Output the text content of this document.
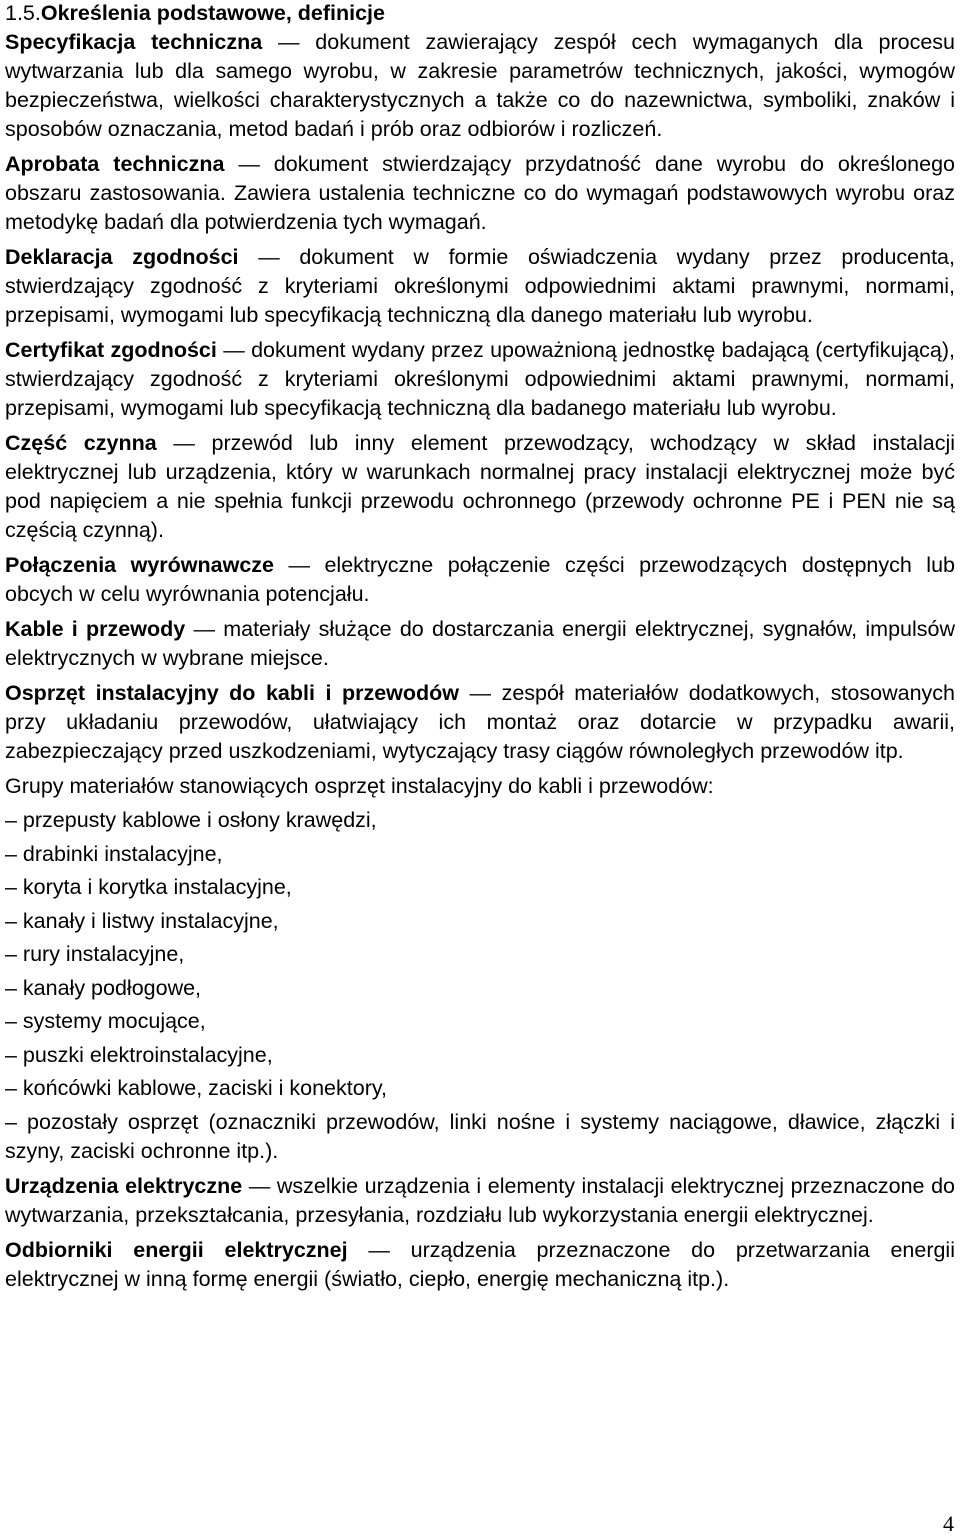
1.5.Określenia podstawowe, definicje

Specyfikacja techniczna — dokument zawierający zespół cech wymaganych dla procesu wytwarzania lub dla samego wyrobu, w zakresie parametrów technicznych, jakości, wymogów bezpieczeństwa, wielkości charakterystycznych a także co do nazewnictwa, symboliki, znaków i sposobów oznaczania, metod badań i prób oraz odbiorów i rozliczeń.

Aprobata techniczna — dokument stwierdzający przydatność dane wyrobu do określonego obszaru zastosowania. Zawiera ustalenia techniczne co do wymagań podstawowych wyrobu oraz metodykę badań dla potwierdzenia tych wymagań.

Deklaracja zgodności — dokument w formie oświadczenia wydany przez producenta, stwierdzający zgodność z kryteriami określonymi odpowiednimi aktami prawnymi, normami, przepisami, wymogami lub specyfikacją techniczną dla danego materiału lub wyrobu.

Certyfikat zgodności — dokument wydany przez upoważnioną jednostkę badającą (certyfikującą), stwierdzający zgodność z kryteriami określonymi odpowiednimi aktami prawnymi, normami, przepisami, wymogami lub specyfikacją techniczną dla badanego materiału lub wyrobu.

Część czynna — przewód lub inny element przewodzący, wchodzący w skład instalacji elektrycznej lub urządzenia, który w warunkach normalnej pracy instalacji elektrycznej może być pod napięciem a nie spełnia funkcji przewodu ochronnego (przewody ochronne PE i PEN nie są częścią czynną).

Połączenia wyrównawcze — elektryczne połączenie części przewodzących dostępnych lub obcych w celu wyrównania potencjału.

Kable i przewody — materiały służące do dostarczania energii elektrycznej, sygnałów, impulsów elektrycznych w wybrane miejsce.

Osprzęt instalacyjny do kabli i przewodów — zespół materiałów dodatkowych, stosowanych przy układaniu przewodów, ułatwiający ich montaż oraz dotarcie w przypadku awarii, zabezpieczający przed uszkodzeniami, wytyczający trasy ciągów równoległych przewodów itp.

Grupy materiałów stanowiących osprzęt instalacyjny do kabli i przewodów:

– przepusty kablowe i osłony krawędzi,
– drabinki instalacyjne,
– koryta i korytka instalacyjne,
– kanały i listwy instalacyjne,
– rury instalacyjne,
– kanały podłogowe,
– systemy mocujące,
– puszki elektroinstalacyjne,
– końcówki kablowe, zaciski i konektory,
– pozostały osprzęt (oznaczniki przewodów, linki nośne i systemy naciągowe, dławice, złączki i szyny, zaciski ochronne itp.).

Urządzenia elektryczne — wszelkie urządzenia i elementy instalacji elektrycznej przeznaczone do wytwarzania, przekształcania, przesyłania, rozdziału lub wykorzystania energii elektrycznej.

Odbiorniki energii elektrycznej — urządzenia przeznaczone do przetwarzania energii elektrycznej w inną formę energii (światło, ciepło, energię mechaniczną itp.).

4
